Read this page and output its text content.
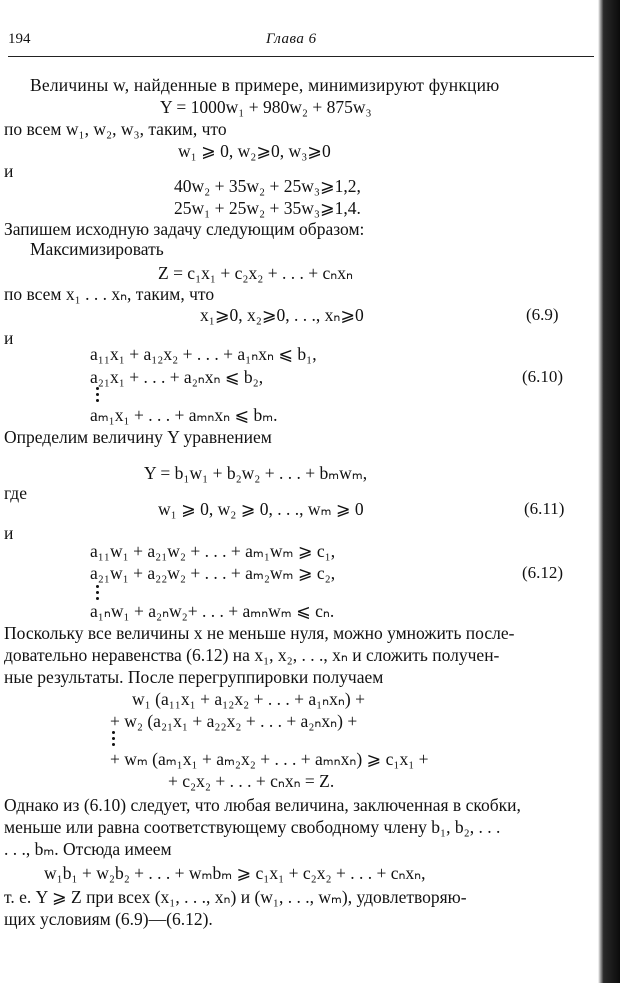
194	Глава 6
Величины w, найденные в примере, минимизируют функцию
Y = 1000w₁ + 980w₂ + 875w₃
по всем w₁, w₂, w₃, таким, что
w₁ ⩾ 0, w₂⩾0, w₃⩾0
и
40w₂ + 35w₂ + 25w₃⩾1,2,
25w₁ + 25w₂ + 35w₃⩾1,4.
Запишем исходную задачу следующим образом:
Максимизировать
Z = c₁x₁ + c₂x₂ + . . . + cₙxₙ
по всем x₁ . . . xₙ, таким, что
x₁⩾0, x₂⩾0, . . ., xₙ⩾0	(6.9)
и
a₁₁x₁ + a₁₂x₂ + . . . + a₁ₙxₙ ⩽ b₁,
a₂₁x₁ + . . . + a₂ₙxₙ ⩽ b₂,	(6.10)
aₘ₁x₁ + . . . + aₘₙxₙ ⩽ bₘ.
Определим величину Y уравнением
Y = b₁w₁ + b₂w₂ + . . . + bₘwₘ,
где
w₁ ⩾ 0, w₂ ⩾ 0, . . ., wₘ ⩾ 0	(6.11)
и
a₁₁w₁ + a₂₁w₂ + . . . + aₘ₁wₘ ⩾ c₁,
a₂₁w₁ + a₂₂w₂ + . . . + aₘ₂wₘ ⩾ c₂,	(6.12)
a₁ₙw₁ + a₂ₙw₂+ . . . + aₘₙwₘ ⩽ cₙ.
Поскольку все величины x не меньше нуля, можно умножить после-
довательно неравенства (6.12) на x₁, x₂, . . ., xₙ и сложить получен-
ные результаты. После перегруппировки получаем
w₁ (a₁₁x₁ + a₁₂x₂ + . . . + a₁ₙxₙ) +
+ w₂ (a₂₁x₁ + a₂₂x₂ + . . . + a₂ₙxₙ) +
+ wₘ (aₘ₁x₁ + aₘ₂x₂ + . . . + aₘₙxₙ) ⩾ c₁x₁ +
+ c₂x₂ + . . . + cₙxₙ = Z.
Однако из (6.10) следует, что любая величина, заключенная в скобки,
меньше или равна соответствующему свободному члену b₁, b₂, . . .
. . ., bₘ. Отсюда имеем
w₁b₁ + w₂b₂ + . . . + wₘbₘ ⩾ c₁x₁ + c₂x₂ + . . . + cₙxₙ,
т. е. Y ⩾ Z при всех (x₁, . . ., xₙ) и (w₁, . . ., wₘ), удовлетворяю-
щих условиям (6.9)—(6.12).
